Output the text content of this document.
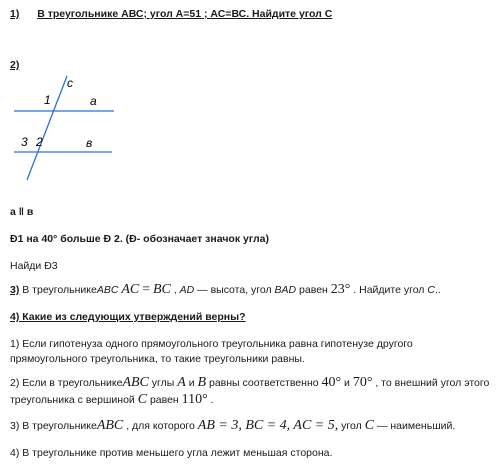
1) В треугольнике АВС; угол А=51 ; АС=ВС. Найдите угол С
2)
1
c
a
3 2	в
a ǁ в
Ð1 на 40° больше Ð 2. (Ð- обозначает значок угла)
Найди Ð3
3) В треугольникеABC AC = BC , AD — высота, угол BAD равен 23° . Найдите угол C..
4) Какие из следующих утверждений верны?
1) Если гипотенуза одного прямоугольного треугольника равна гипотенузе другого
прямоугольного треугольника, то такие треугольники равны.
2) Если в треугольникеABC углы A и B равны соответственно 40° и 70° , то внешний угол этого
треугольника с вершиной C равен 110° .
3) В треугольникеABC , для которого AB = 3, BC = 4, AC = 5, угол C — наименьший.
4) В треугольнике против меньшего угла лежит меньшая сторона.
